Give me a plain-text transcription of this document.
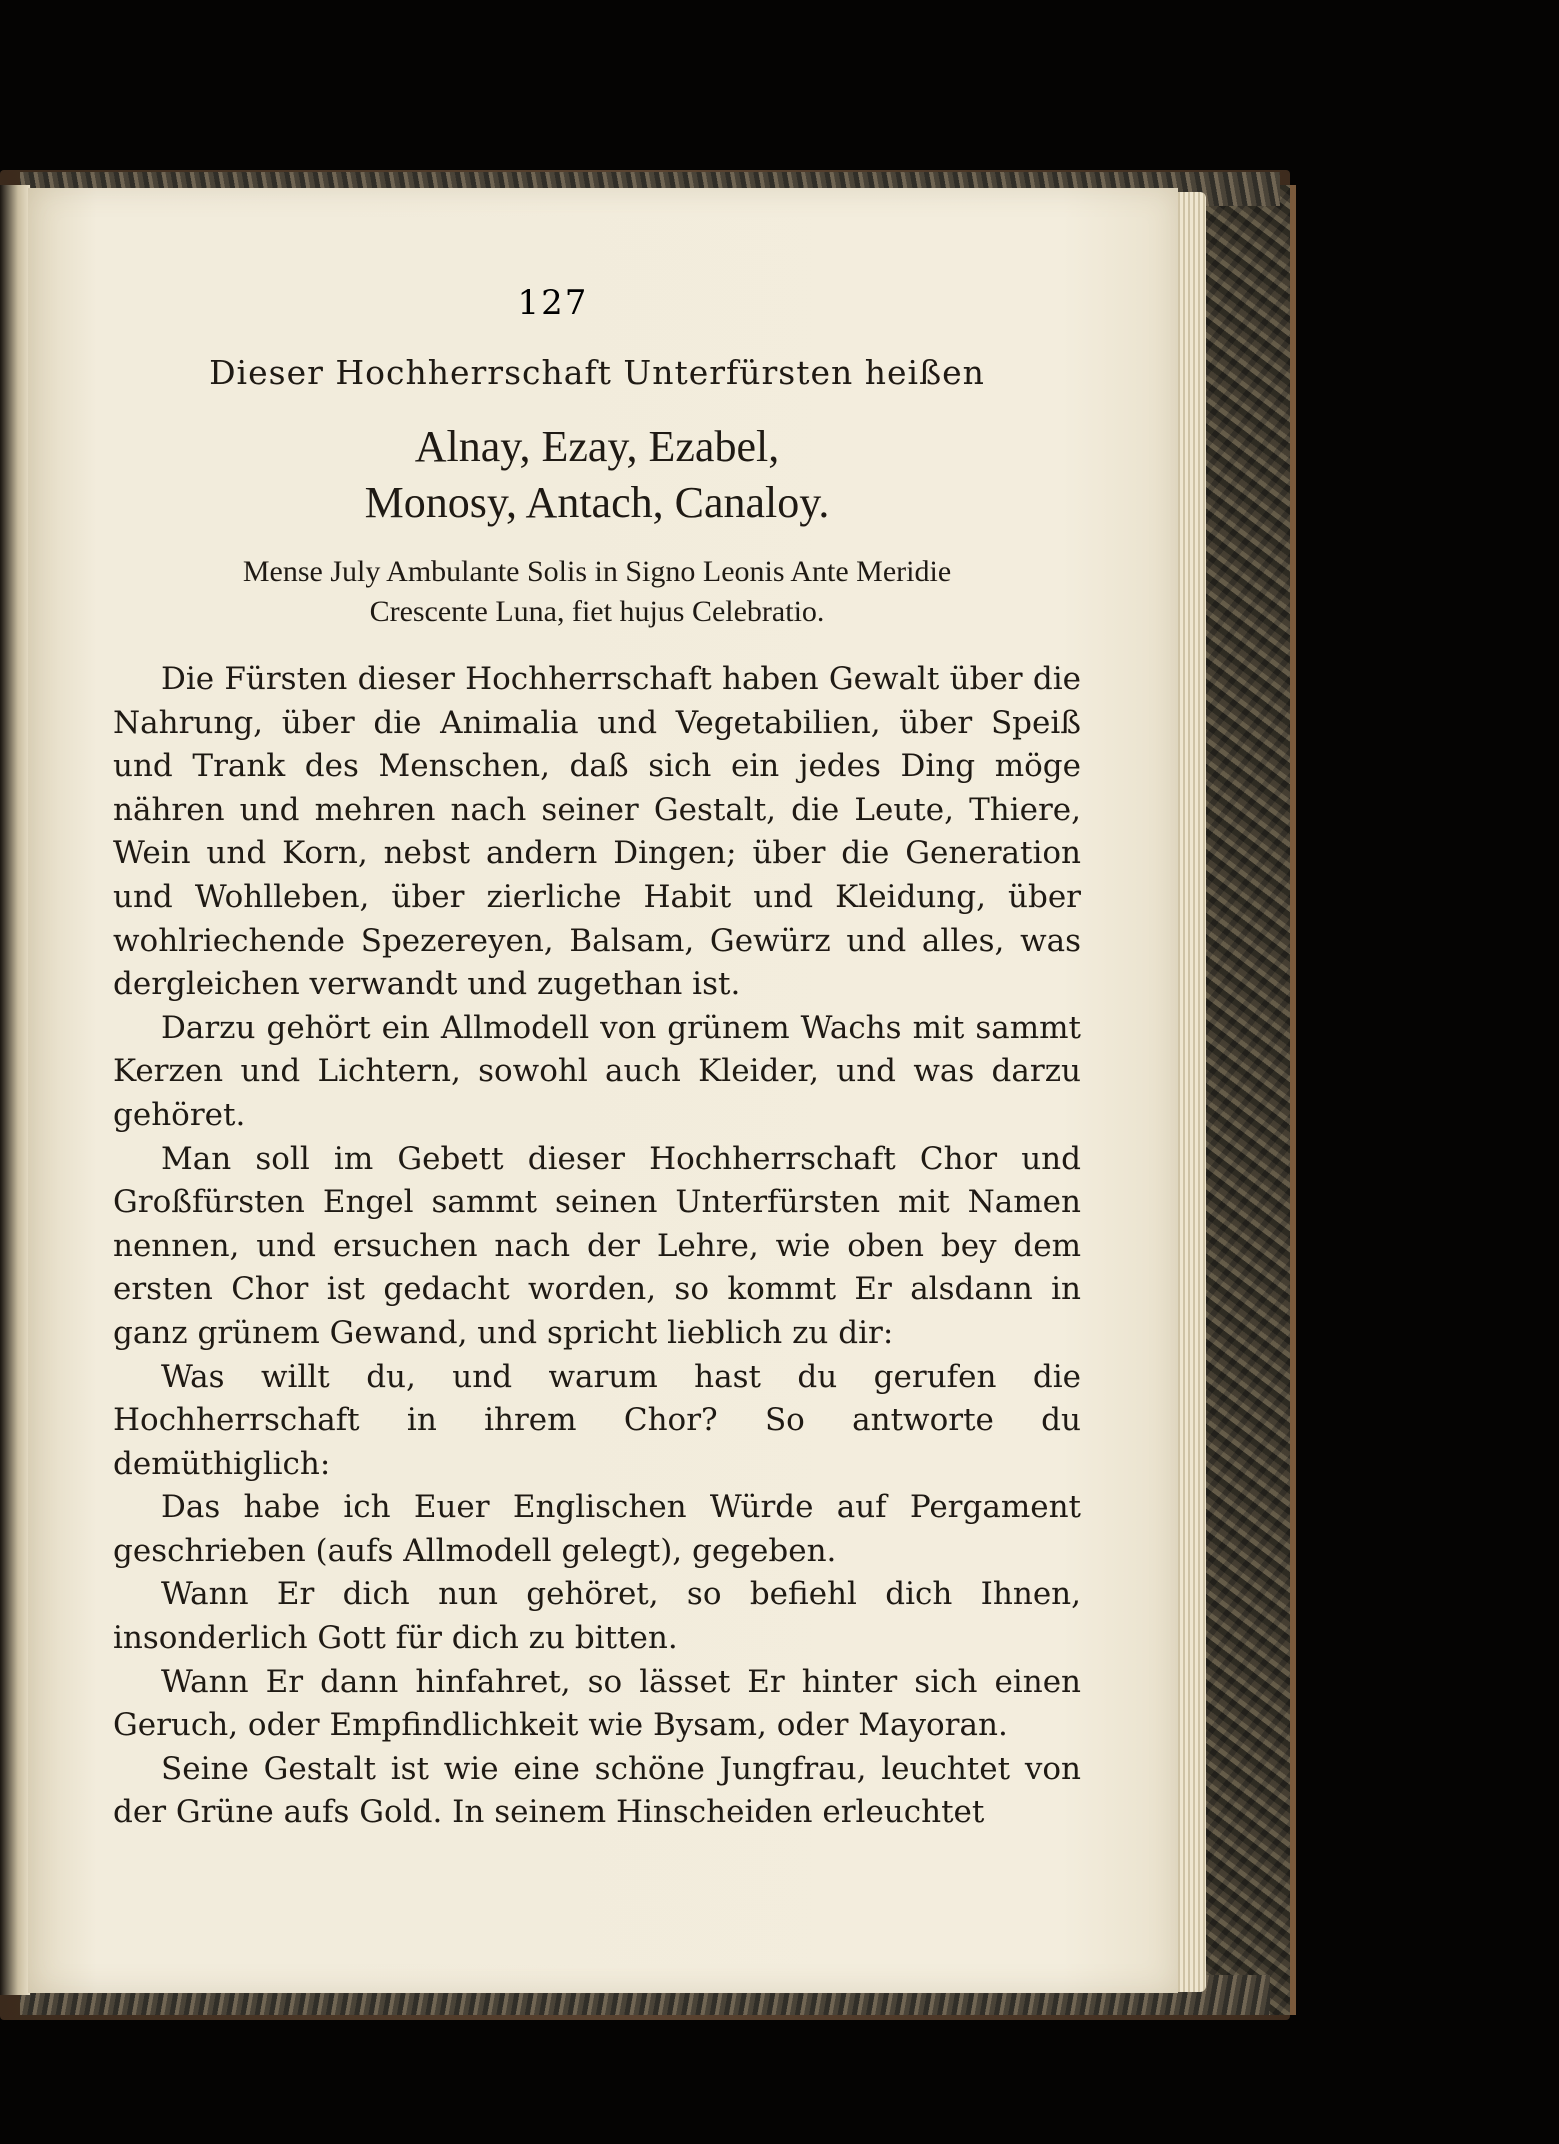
127
Dieser Hochherrschaft Unterfürsten heißen
Alnay, Ezay, Ezabel,
Monosy, Antach, Canaloy.
Mense July Ambulante Solis in Signo Leonis Ante Meridie
Crescente Luna, fiet hujus Celebratio.

Die Fürsten dieser Hochherrschaft haben Gewalt über die Nahrung, über die Animalia und Vegetabilien, über Speiß und Trank des Menschen, daß sich ein jedes Ding möge nähren und mehren nach seiner Gestalt, die Leute, Thiere, Wein und Korn, nebst andern Dingen; über die Generation und Wohlleben, über zierliche Habit und Kleidung, über wohlriechende Spezereyen, Balsam, Gewürz und alles, was dergleichen verwandt und zugethan ist.

Darzu gehört ein Allmodell von grünem Wachs mit sammt Kerzen und Lichtern, sowohl auch Kleider, und was darzu gehöret.

Man soll im Gebett dieser Hochherrschaft Chor und Großfürsten Engel sammt seinen Unterfürsten mit Namen nennen, und ersuchen nach der Lehre, wie oben bey dem ersten Chor ist gedacht worden, so kommt Er alsdann in ganz grünem Gewand, und spricht lieblich zu dir:

Was willt du, und warum hast du gerufen die Hochherrschaft in ihrem Chor? So antworte du demüthiglich:

Das habe ich Euer Englischen Würde auf Pergament geschrieben (aufs Allmodell gelegt), gegeben.

Wann Er dich nun gehöret, so befiehl dich Ihnen, insonderlich Gott für dich zu bitten.

Wann Er dann hinfahret, so lässet Er hinter sich einen Geruch, oder Empfindlichkeit wie Bysam, oder Mayoran.

Seine Gestalt ist wie eine schöne Jungfrau, leuchtet von der Grüne aufs Gold. In seinem Hinscheiden erleuchtet
